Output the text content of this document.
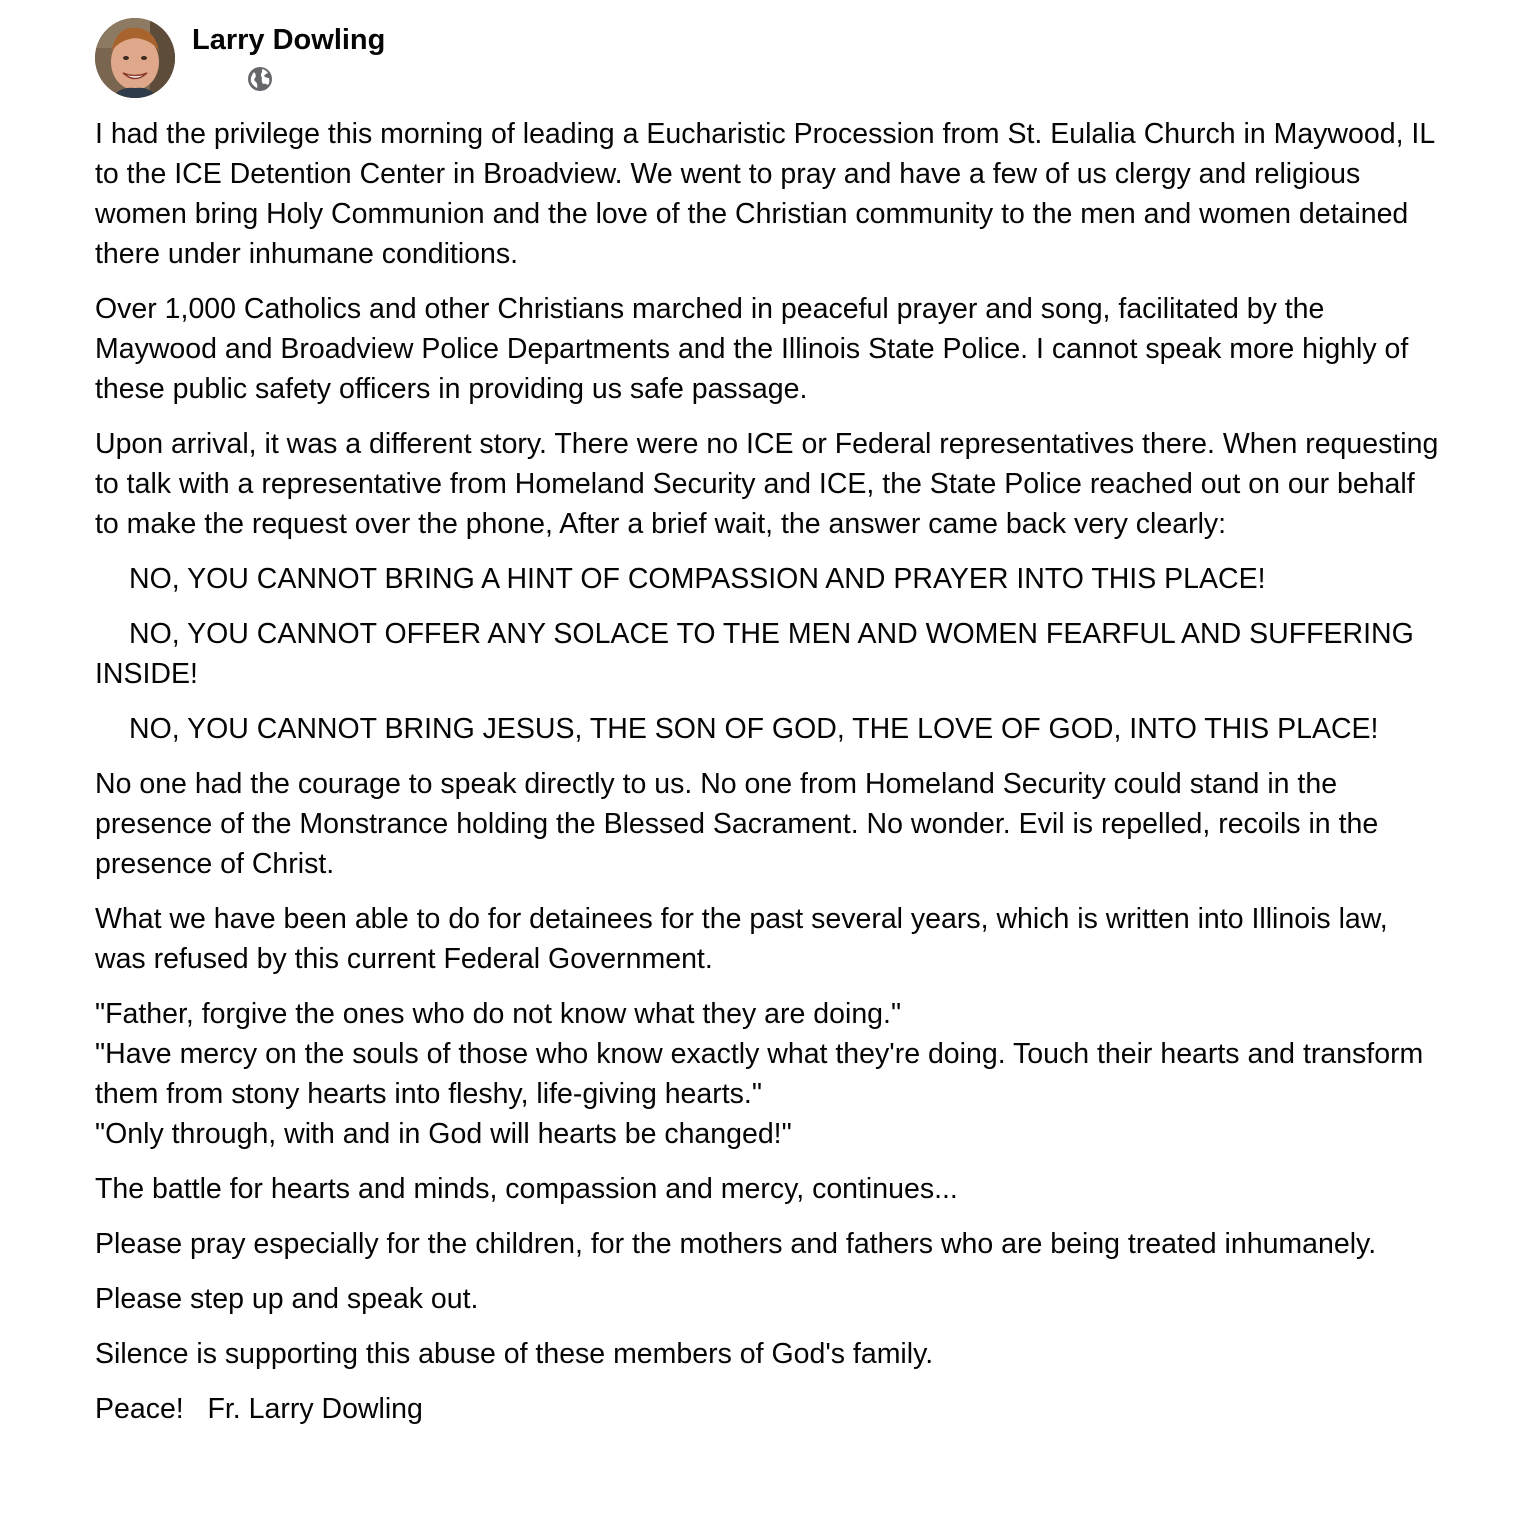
Larry Dowling

I had the privilege this morning of leading a Eucharistic Procession from St. Eulalia Church in Maywood, IL to the ICE Detention Center in Broadview. We went to pray and have a few of us clergy and religious women bring Holy Communion and the love of the Christian community to the men and women detained there under inhumane conditions.

Over 1,000 Catholics and other Christians marched in peaceful prayer and song, facilitated by the Maywood and Broadview Police Departments and the Illinois State Police. I cannot speak more highly of these public safety officers in providing us safe passage.

Upon arrival, it was a different story. There were no ICE or Federal representatives there. When requesting to talk with a representative from Homeland Security and ICE, the State Police reached out on our behalf to make the request over the phone, After a brief wait, the answer came back very clearly:

NO, YOU CANNOT BRING A HINT OF COMPASSION AND PRAYER INTO THIS PLACE!

NO, YOU CANNOT OFFER ANY SOLACE TO THE MEN AND WOMEN FEARFUL AND SUFFERING INSIDE!

NO, YOU CANNOT BRING JESUS, THE SON OF GOD, THE LOVE OF GOD, INTO THIS PLACE!

No one had the courage to speak directly to us. No one from Homeland Security could stand in the presence of the Monstrance holding the Blessed Sacrament. No wonder. Evil is repelled, recoils in the presence of Christ.

What we have been able to do for detainees for the past several years, which is written into Illinois law, was refused by this current Federal Government.

"Father, forgive the ones who do not know what they are doing."
"Have mercy on the souls of those who know exactly what they're doing. Touch their hearts and transform them from stony hearts into fleshy, life-giving hearts."
"Only through, with and in God will hearts be changed!"

The battle for hearts and minds, compassion and mercy, continues...

Please pray especially for the children, for the mothers and fathers who are being treated inhumanely.

Please step up and speak out.

Silence is supporting this abuse of these members of God's family.

Peace!   Fr. Larry Dowling
